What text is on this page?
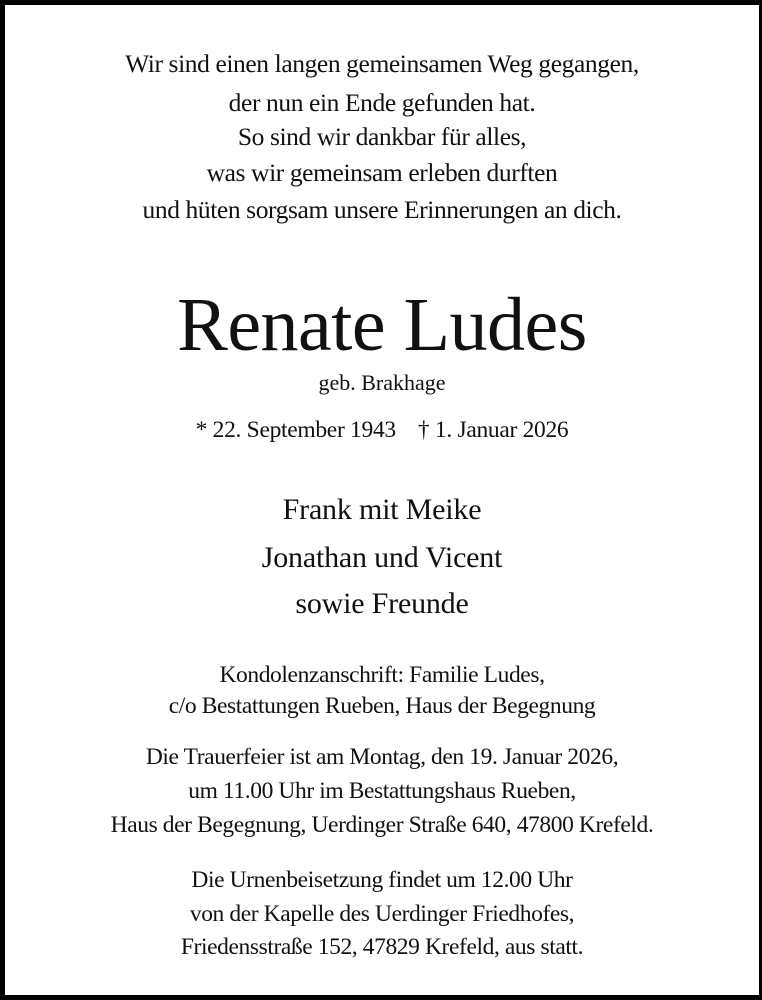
Wir sind einen langen gemeinsamen Weg gegangen,
der nun ein Ende gefunden hat.
So sind wir dankbar für alles,
was wir gemeinsam erleben durften
und hüten sorgsam unsere Erinnerungen an dich.
Renate Ludes
geb. Brakhage
* 22. September 1943 † 1. Januar 2026
Frank mit Meike
Jonathan und Vicent
sowie Freunde
Kondolenzanschrift: Familie Ludes,
c/o Bestattungen Rueben, Haus der Begegnung
Die Trauerfeier ist am Montag, den 19. Januar 2026,
um 11.00 Uhr im Bestattungshaus Rueben,
Haus der Begegnung, Uerdinger Straße 640, 47800 Krefeld.
Die Urnenbeisetzung findet um 12.00 Uhr
von der Kapelle des Uerdinger Friedhofes,
Friedensstraße 152, 47829 Krefeld, aus statt.
